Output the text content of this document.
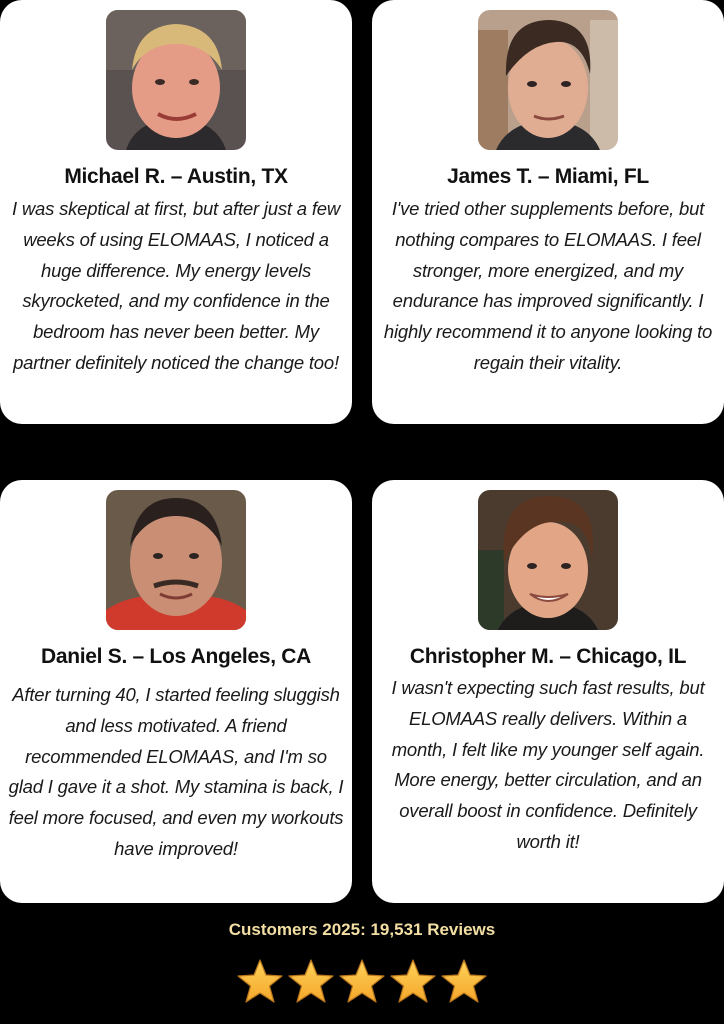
Michael R. – Austin, TX
I was skeptical at first, but after just a few weeks of using ELOMAAS, I noticed a huge difference. My energy levels skyrocketed, and my confidence in the bedroom has never been better. My partner definitely noticed the change too!
James T. – Miami, FL
I've tried other supplements before, but nothing compares to ELOMAAS. I feel stronger, more energized, and my endurance has improved significantly. I highly recommend it to anyone looking to regain their vitality.
Daniel S. – Los Angeles, CA
After turning 40, I started feeling sluggish and less motivated. A friend recommended ELOMAAS, and I'm so glad I gave it a shot. My stamina is back, I feel more focused, and even my workouts have improved!
Christopher M. – Chicago, IL
I wasn't expecting such fast results, but ELOMAAS really delivers. Within a month, I felt like my younger self again. More energy, better circulation, and an overall boost in confidence. Definitely worth it!
Customers 2025: 19,531 Reviews
